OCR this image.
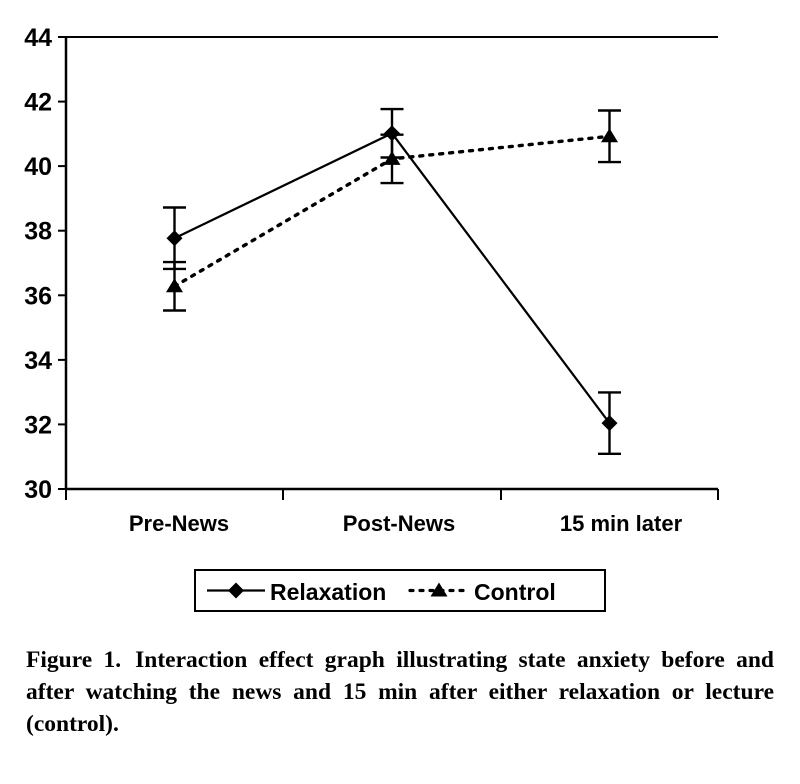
44
42
40
38
36
34
32
30
Pre-News	Post-News	15 min later
Relaxation	Control
Figure 1. Interaction effect graph illustrating state anxiety before and after watching the news and 15 min after either relaxation or lecture (control).
